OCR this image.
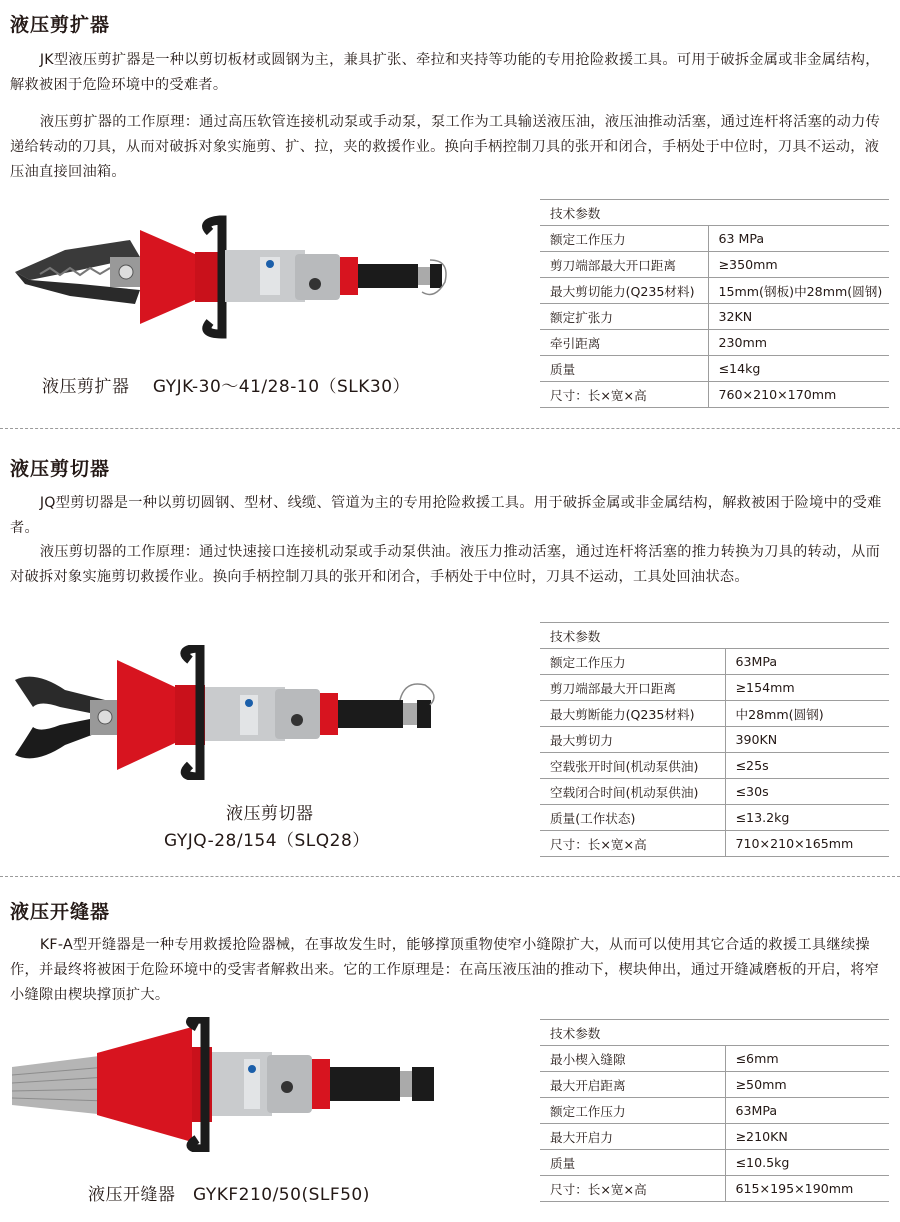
液压剪扩器
JK型液压剪扩器是一种以剪切板材或圆钢为主，兼具扩张、牵拉和夹持等功能的专用抢险救援工具。可用于破拆金属或非金属结构，解救被困于危险环境中的受难者。
液压剪扩器的工作原理：通过高压软管连接机动泵或手动泵，泵工作为工具输送液压油，液压油推动活塞，通过连杆将活塞的动力传递给转动的刀具，从而对破拆对象实施剪、扩、拉，夹的救援作业。换向手柄控制刀具的张开和闭合，手柄处于中位时，刀具不运动，液压油直接回油箱。
液压剪扩器　 GYJK-30～41/28-10（SLK30）
技术参数	
额定工作压力	63 MPa
剪刀端部最大开口距离	≥350mm
最大剪切能力(Q235材料)	15mm(钢板)中28mm(圆钢)
额定扩张力	32KN
牵引距离	230mm
质量	≤14kg
尺寸：长×宽×高	760×210×170mm
液压剪切器
JQ型剪切器是一种以剪切圆钢、型材、线缆、管道为主的专用抢险救援工具。用于破拆金属或非金属结构，解救被困于险境中的受难者。
液压剪切器的工作原理：通过快速接口连接机动泵或手动泵供油。液压力推动活塞，通过连杆将活塞的推力转换为刀具的转动，从而对破拆对象实施剪切救援作业。换向手柄控制刀具的张开和闭合，手柄处于中位时，刀具不运动，工具处回油状态。
液压剪切器
GYJQ-28/154（SLQ28）
技术参数	
额定工作压力	63MPa
剪刀端部最大开口距离	≥154mm
最大剪断能力(Q235材料)	中28mm(圆钢)
最大剪切力	390KN
空载张开时间(机动泵供油)	≤25s
空载闭合时间(机动泵供油)	≤30s
质量(工作状态)	≤13.2kg
尺寸：长×宽×高	710×210×165mm
液压开缝器
KF-A型开缝器是一种专用救援抢险器械，在事故发生时，能够撑顶重物使窄小缝隙扩大，从而可以使用其它合适的救援工具继续操作，并最终将被困于危险环境中的受害者解救出来。它的工作原理是：在高压液压油的推动下，楔块伸出，通过开缝减磨板的开启，将窄小缝隙由楔块撑顶扩大。
液压开缝器　GYKF210/50(SLF50)
技术参数	
最小楔入缝隙	≤6mm
最大开启距离	≥50mm
额定工作压力	63MPa
最大开启力	≥210KN
质量	≤10.5kg
尺寸：长×宽×高	615×195×190mm
